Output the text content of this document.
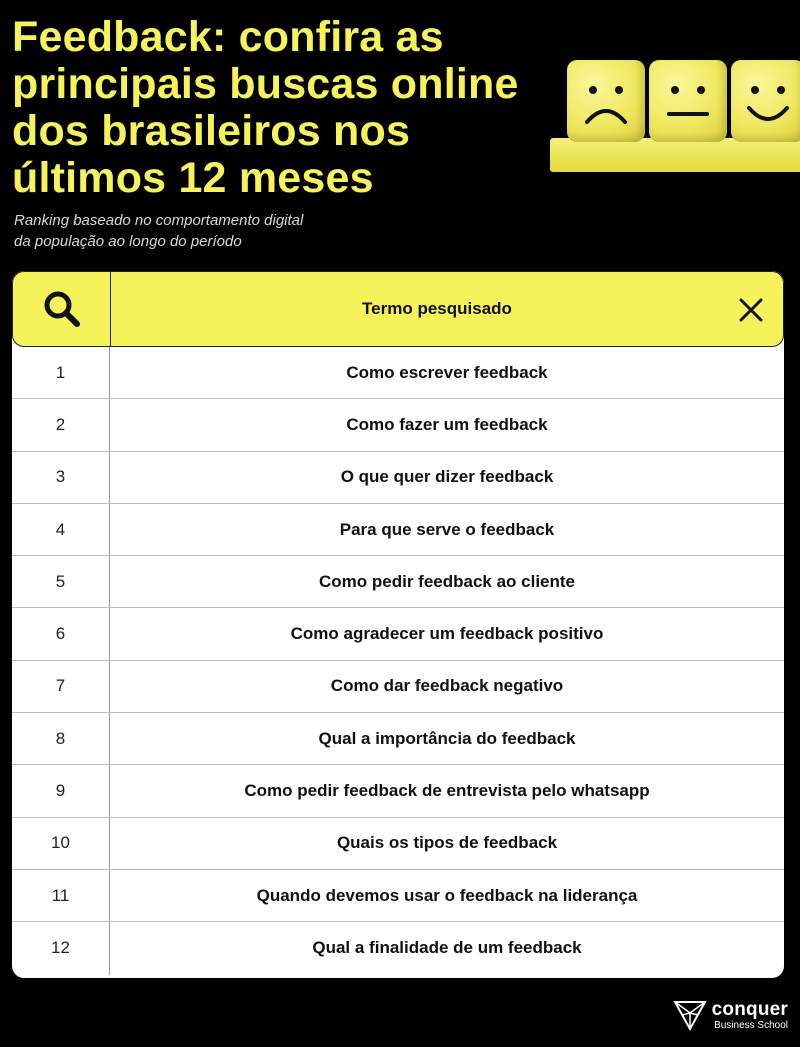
Feedback: confira as principais buscas online dos brasileiros nos últimos 12 meses
Ranking baseado no comportamento digital
da população ao longo do período
Termo pesquisado
1	Como escrever feedback
2	Como fazer um feedback
3	O que quer dizer feedback
4	Para que serve o feedback
5	Como pedir feedback ao cliente
6	Como agradecer um feedback positivo
7	Como dar feedback negativo
8	Qual a importância do feedback
9	Como pedir feedback de entrevista pelo whatsapp
10	Quais os tipos de feedback
11	Quando devemos usar o feedback na liderança
12	Qual a finalidade de um feedback
conquer
Business School
